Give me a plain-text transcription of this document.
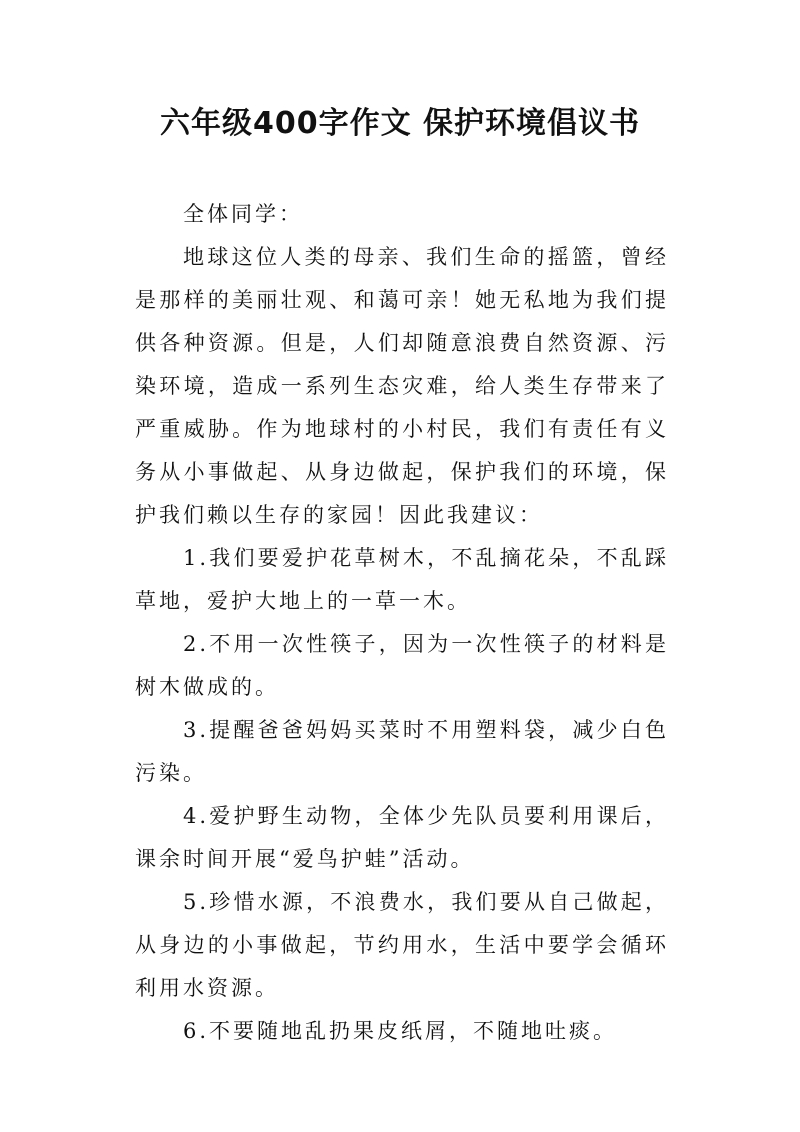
六年级400字作文 保护环境倡议书

全体同学：

地球这位人类的母亲、我们生命的摇篮，曾经是那样的美丽壮观、和蔼可亲！她无私地为我们提供各种资源。但是，人们却随意浪费自然资源、污染环境，造成一系列生态灾难，给人类生存带来了严重威胁。作为地球村的小村民，我们有责任有义务从小事做起、从身边做起，保护我们的环境，保护我们赖以生存的家园！因此我建议：

1.我们要爱护花草树木，不乱摘花朵，不乱踩草地，爱护大地上的一草一木。

2.不用一次性筷子，因为一次性筷子的材料是树木做成的。

3.提醒爸爸妈妈买菜时不用塑料袋，减少白色污染。

4.爱护野生动物，全体少先队员要利用课后，课余时间开展“爱鸟护蛙”活动。

5.珍惜水源，不浪费水，我们要从自己做起，从身边的小事做起，节约用水，生活中要学会循环利用水资源。

6.不要随地乱扔果皮纸屑，不随地吐痰。
